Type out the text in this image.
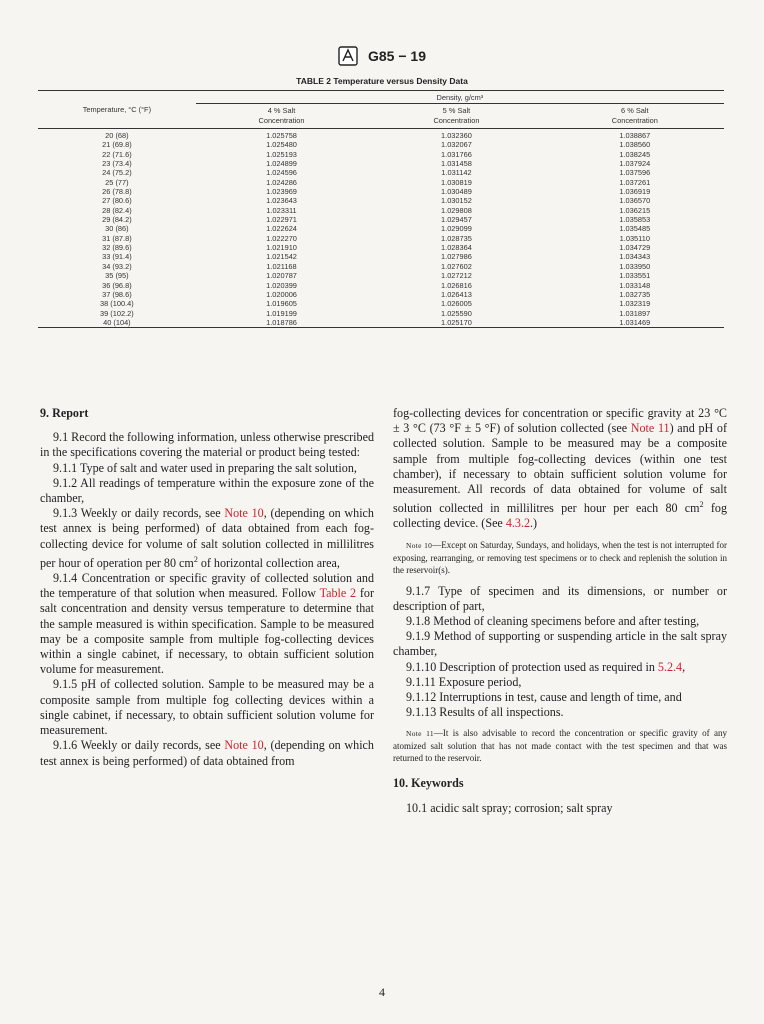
G85 − 19
TABLE 2 Temperature versus Density Data
Temperature, °C (°F)	Density, g/cm³		
	4 % Salt	5 % Salt	6 % Salt
	Concentration	Concentration	Concentration
20 (68)	1.025758	1.032360	1.038867
21 (69.8)	1.025480	1.032067	1.038560
22 (71.6)	1.025193	1.031766	1.038245
23 (73.4)	1.024899	1.031458	1.037924
24 (75.2)	1.024596	1.031142	1.037596
25 (77)	1.024286	1.030819	1.037261
26 (78.8)	1.023969	1.030489	1.036919
27 (80.6)	1.023643	1.030152	1.036570
28 (82.4)	1.023311	1.029808	1.036215
29 (84.2)	1.022971	1.029457	1.035853
30 (86)	1.022624	1.029099	1.035485
31 (87.8)	1.022270	1.028735	1.035110
32 (89.6)	1.021910	1.028364	1.034729
33 (91.4)	1.021542	1.027986	1.034343
34 (93.2)	1.021168	1.027602	1.033950
35 (95)	1.020787	1.027212	1.033551
36 (96.8)	1.020399	1.026816	1.033148
37 (98.6)	1.020006	1.026413	1.032735
38 (100.4)	1.019605	1.026005	1.032319
39 (102.2)	1.019199	1.025590	1.031897
40 (104)	1.018786	1.025170	1.031469

9. Report

9.1 Record the following information, unless otherwise prescribed in the specifications covering the material or product being tested:

9.1.1 Type of salt and water used in preparing the salt solution,

9.1.2 All readings of temperature within the exposure zone of the chamber,

9.1.3 Weekly or daily records, see Note 10, (depending on which test annex is being performed) of data obtained from each fog-collecting device for volume of salt solution collected in millilitres per hour of operation per 80 $cm^2$ of horizontal collection area,

9.1.4 Concentration or specific gravity of collected solution and the temperature of that solution when measured. Follow Table 2 for salt concentration and density versus temperature to determine that the sample measured is within specification. Sample to be measured may be a composite sample from multiple fog-collecting devices within a single cabinet, if necessary, to obtain sufficient solution volume for measurement.

9.1.5 pH of collected solution. Sample to be measured may be a composite sample from multiple fog collecting devices within a single cabinet, if necessary, to obtain sufficient solution volume for measurement.

9.1.6 Weekly or daily records, see Note 10, (depending on which test annex is being performed) of data obtained from

fog-collecting devices for concentration or specific gravity at 23 °C ± 3 °C (73 °F ± 5 °F) of solution collected (see Note 11) and pH of collected solution. Sample to be measured may be a composite sample from multiple fog-collecting devices (within one test chamber), if necessary to obtain sufficient solution volume for measurement. All records of data obtained for volume of salt solution collected in millilitres per hour per each 80 $cm^2$ fog collecting device. (See 4.3.2.)

Note 10—Except on Saturday, Sundays, and holidays, when the test is not interrupted for exposing, rearranging, or removing test specimens or to check and replenish the solution in the reservoir(s).

9.1.7 Type of specimen and its dimensions, or number or description of part,

9.1.8 Method of cleaning specimens before and after testing,

9.1.9 Method of supporting or suspending article in the salt spray chamber,

9.1.10 Description of protection used as required in 5.2.4,

9.1.11 Exposure period,

9.1.12 Interruptions in test, cause and length of time, and

9.1.13 Results of all inspections.

Note 11—It is also advisable to record the concentration or specific gravity of any atomized salt solution that has not made contact with the test specimen and that was returned to the reservoir.

10. Keywords

10.1 acidic salt spray; corrosion; salt spray

4
